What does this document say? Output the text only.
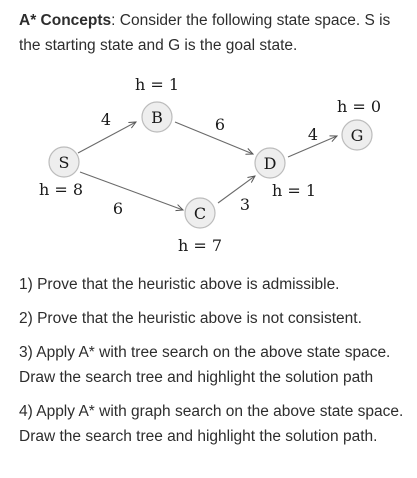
A* Concepts: Consider the following state space. S is the starting state and G is the goal state.

4
6
6
3
4
S
B
C
D
G
h = 8
h = 1
h = 7
h = 1
h = 0
1) Prove that the heuristic above is admissible.
2) Prove that the heuristic above is not consistent.
3) Apply A* with tree search on the above state space. Draw the search tree and highlight the solution path
4) Apply A* with graph search on the above state space. Draw the search tree and highlight the solution path.
